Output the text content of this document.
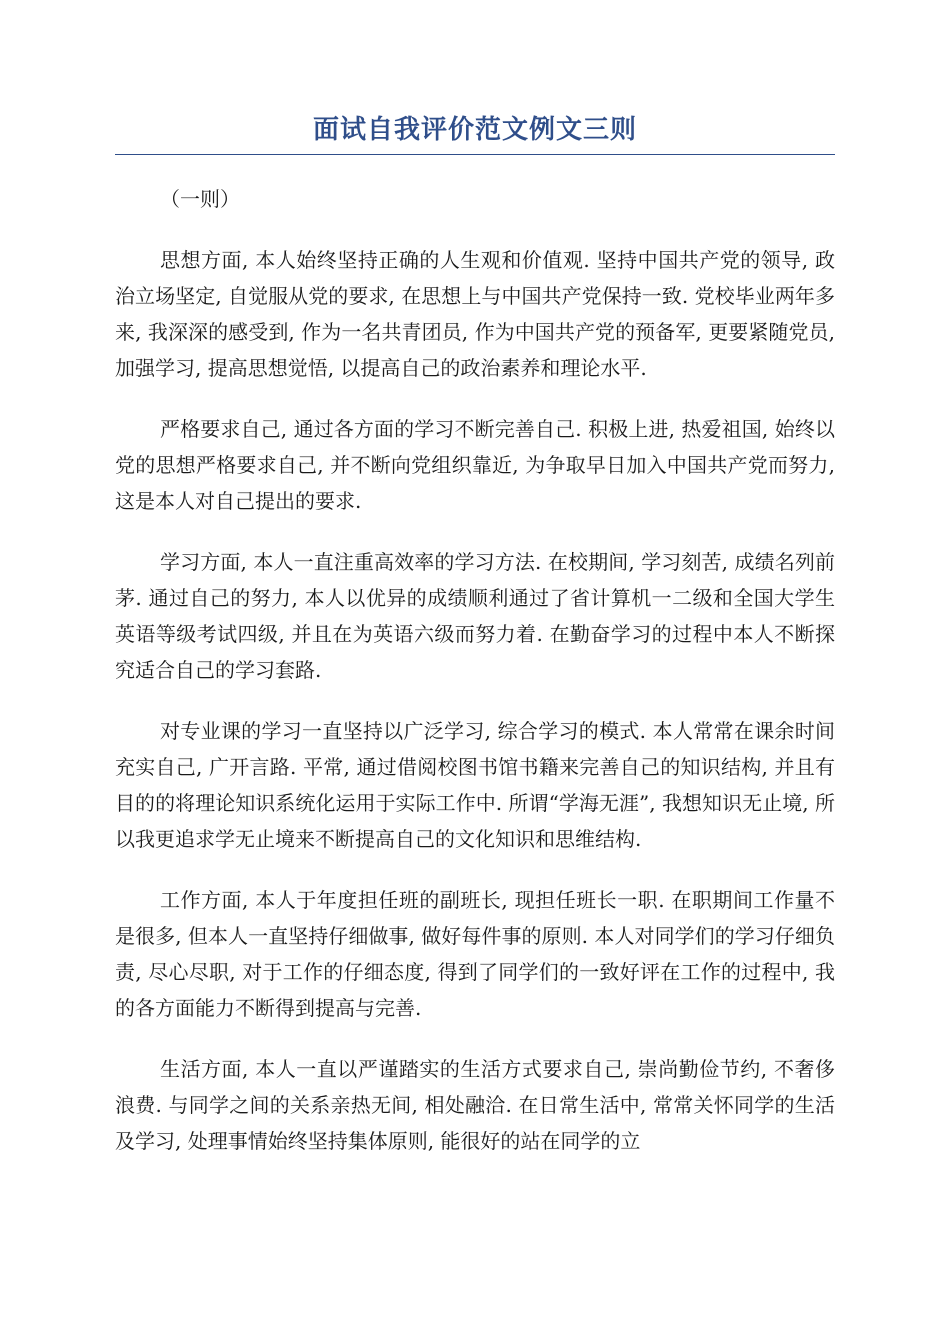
面试自我评价范文例文三则
（一则）

思想方面, 本人始终坚持正确的人生观和价值观. 坚持中国共产党的领导, 政治立场坚定, 自觉服从党的要求, 在思想上与中国共产党保持一致. 党校毕业两年多来, 我深深的感受到, 作为一名共青团员, 作为中国共产党的预备军, 更要紧随党员, 加强学习, 提高思想觉悟, 以提高自己的政治素养和理论水平.

严格要求自己, 通过各方面的学习不断完善自己. 积极上进, 热爱祖国, 始终以党的思想严格要求自己, 并不断向党组织靠近, 为争取早日加入中国共产党而努力, 这是本人对自己提出的要求.

学习方面, 本人一直注重高效率的学习方法. 在校期间, 学习刻苦, 成绩名列前茅. 通过自己的努力, 本人以优异的成绩顺利通过了省计算机一二级和全国大学生英语等级考试四级, 并且在为英语六级而努力着. 在勤奋学习的过程中本人不断探究适合自己的学习套路.

对专业课的学习一直坚持以广泛学习, 综合学习的模式. 本人常常在课余时间充实自己, 广开言路. 平常, 通过借阅校图书馆书籍来完善自己的知识结构, 并且有目的的将理论知识系统化运用于实际工作中. 所谓“学海无涯”, 我想知识无止境, 所以我更追求学无止境来不断提高自己的文化知识和思维结构.

工作方面, 本人于年度担任班的副班长, 现担任班长一职. 在职期间工作量不是很多, 但本人一直坚持仔细做事, 做好每件事的原则. 本人对同学们的学习仔细负责, 尽心尽职, 对于工作的仔细态度, 得到了同学们的一致好评在工作的过程中, 我的各方面能力不断得到提高与完善.

生活方面, 本人一直以严谨踏实的生活方式要求自己, 崇尚勤俭节约, 不奢侈浪费. 与同学之间的关系亲热无间, 相处融洽. 在日常生活中, 常常关怀同学的生活及学习, 处理事情始终坚持集体原则, 能很好的站在同学的立
